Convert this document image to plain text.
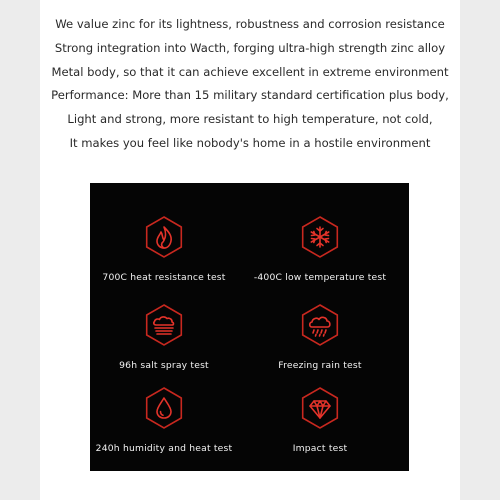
We value zinc for its lightness, robustness and corrosion resistance
Strong integration into Wacth, forging ultra-high strength zinc alloy
Metal body, so that it can achieve excellent in extreme environment
Performance: More than 15 military standard certification plus body,
Light and strong, more resistant to high temperature, not cold,
It makes you feel like nobody's home in a hostile environment
700C heat resistance test	-400C low temperature test
96h salt spray test	Freezing rain test
240h humidity and heat test	Impact test
